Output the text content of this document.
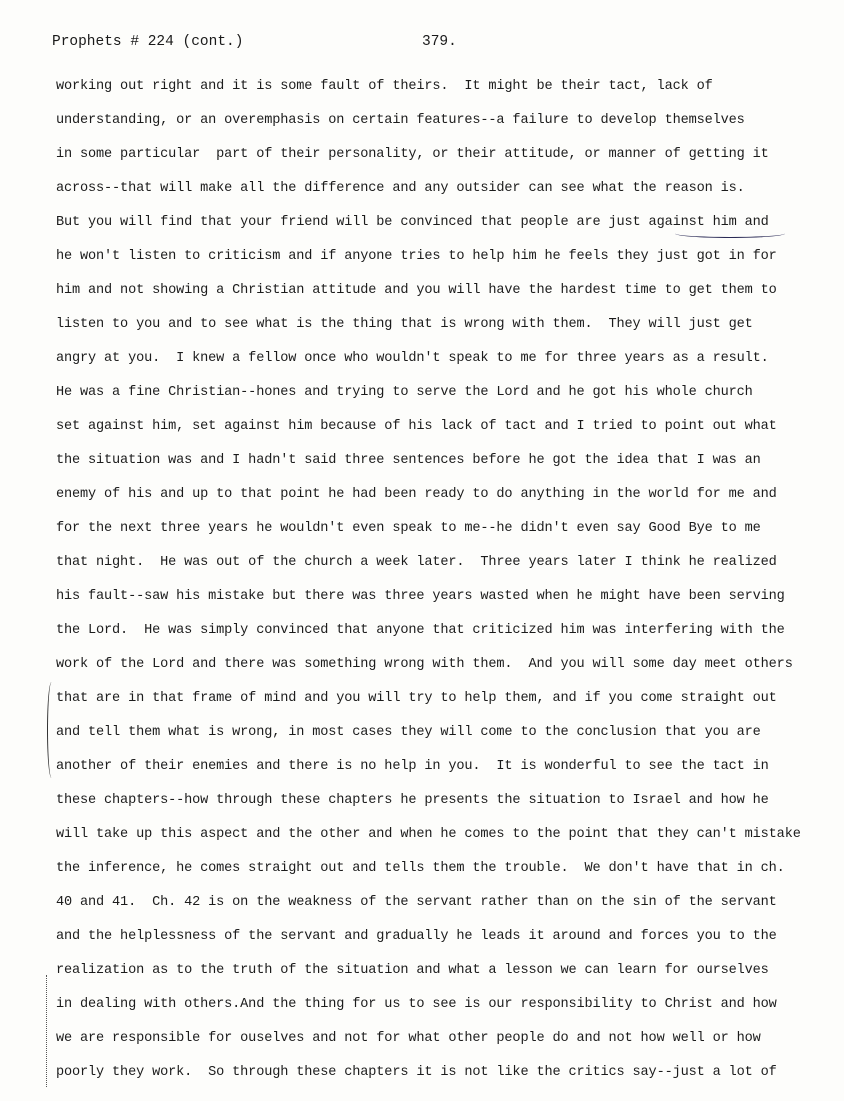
Prophets # 224 (cont.)	379.
working out right and it is some fault of theirs.  It might be their tact, lack of
understanding, or an overemphasis on certain features--a failure to develop themselves
in some particular  part of their personality, or their attitude, or manner of getting it
across--that will make all the difference and any outsider can see what the reason is.
But you will find that your friend will be convinced that people are just against him and
he won't listen to criticism and if anyone tries to help him he feels they just got in for
him and not showing a Christian attitude and you will have the hardest time to get them to
listen to you and to see what is the thing that is wrong with them.  They will just get
angry at you.  I knew a fellow once who wouldn't speak to me for three years as a result.
He was a fine Christian--hones and trying to serve the Lord and he got his whole church
set against him, set against him because of his lack of tact and I tried to point out what
the situation was and I hadn't said three sentences before he got the idea that I was an
enemy of his and up to that point he had been ready to do anything in the world for me and
for the next three years he wouldn't even speak to me--he didn't even say Good Bye to me
that night.  He was out of the church a week later.  Three years later I think he realized
his fault--saw his mistake but there was three years wasted when he might have been serving
the Lord.  He was simply convinced that anyone that criticized him was interfering with the
work of the Lord and there was something wrong with them.  And you will some day meet others
that are in that frame of mind and you will try to help them, and if you come straight out
and tell them what is wrong, in most cases they will come to the conclusion that you are
another of their enemies and there is no help in you.  It is wonderful to see the tact in
these chapters--how through these chapters he presents the situation to Israel and how he
will take up this aspect and the other and when he comes to the point that they can't mistake
the inference, he comes straight out and tells them the trouble.  We don't have that in ch.
40 and 41.  Ch. 42 is on the weakness of the servant rather than on the sin of the servant
and the helplessness of the servant and gradually he leads it around and forces you to the
realization as to the truth of the situation and what a lesson we can learn for ourselves
in dealing with others.And the thing for us to see is our responsibility to Christ and how
we are responsible for ouselves and not for what other people do and not how well or how
poorly they work.  So through these chapters it is not like the critics say--just a lot of
